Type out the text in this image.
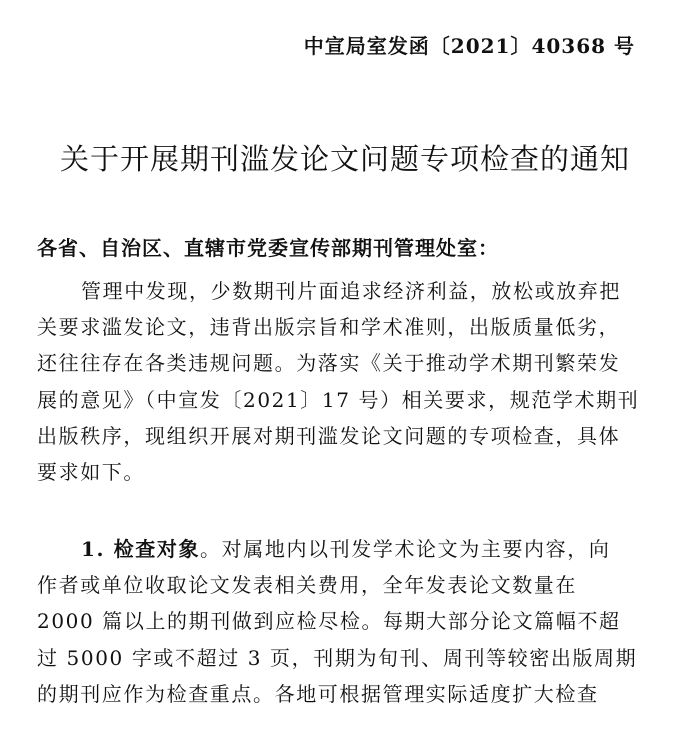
中宣局室发函〔2021〕40368 号
关于开展期刊滥发论文问题专项检查的通知
各省、自治区、直辖市党委宣传部期刊管理处室：
管理中发现，少数期刊片面追求经济利益，放松或放弃把
关要求滥发论文，违背出版宗旨和学术准则，出版质量低劣，
还往往存在各类违规问题。为落实《关于推动学术期刊繁荣发
展的意见》（中宣发〔2021〕17 号）相关要求，规范学术期刊
出版秩序，现组织开展对期刊滥发论文问题的专项检查，具体
要求如下。
1. 检查对象。对属地内以刊发学术论文为主要内容，向
作者或单位收取论文发表相关费用，全年发表论文数量在
2000 篇以上的期刊做到应检尽检。每期大部分论文篇幅不超
过 5000 字或不超过 3 页，刊期为旬刊、周刊等较密出版周期
的期刊应作为检查重点。各地可根据管理实际适度扩大检查
